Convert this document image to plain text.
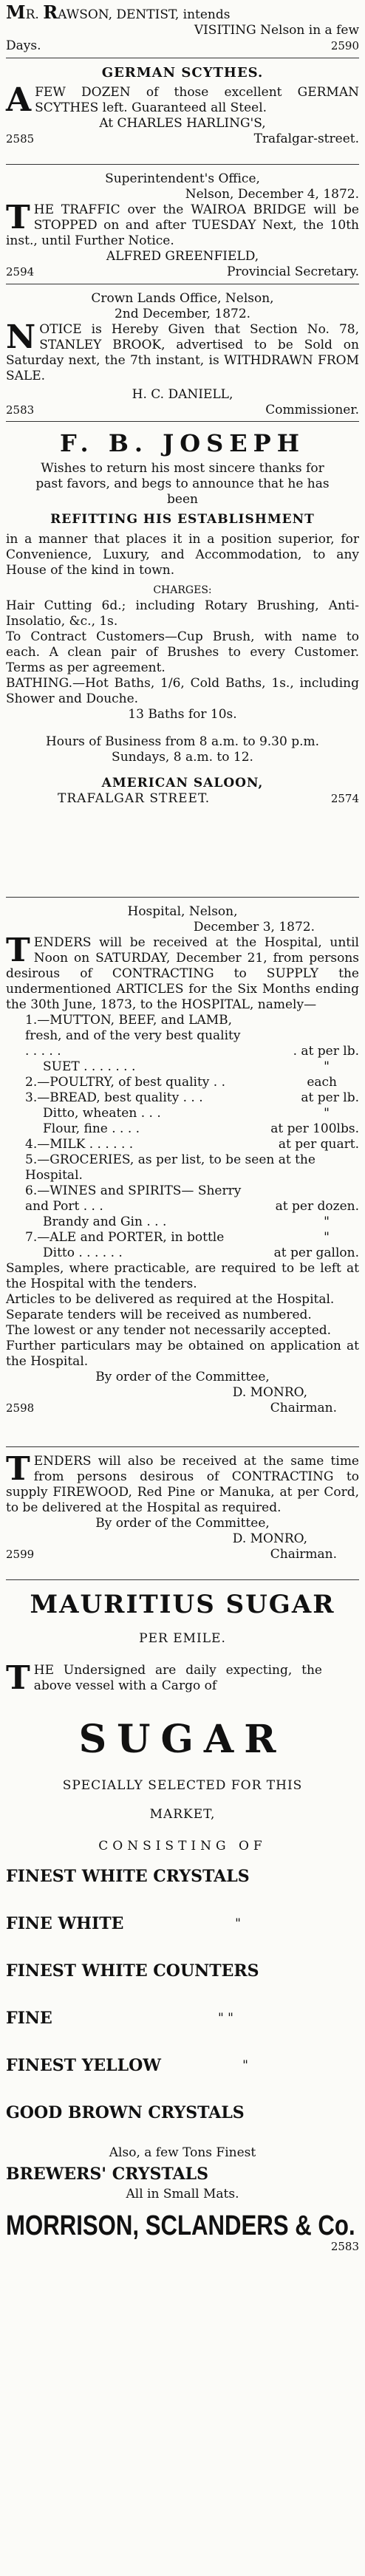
MR. RAWSON, DENTIST, intends

VISITING Nelson in a few

Days.	2590

GERMAN SCYTHES.

A FEW DOZEN of those excellent GERMAN SCYTHES left. Guaranteed all Steel.

At CHARLES HARLING'S,

2585	Trafalgar-street.

Superintendent's Office,

Nelson, December 4, 1872.

THE TRAFFIC over the WAIROA BRIDGE will be STOPPED on and after TUESDAY Next, the 10th inst., until Further Notice.

ALFRED GREENFIELD,

2594	Provincial Secretary.

Crown Lands Office, Nelson,

2nd December, 1872.

NOTICE is Hereby Given that Section No. 78, STANLEY BROOK, advertised to be Sold on Saturday next, the 7th instant, is WITHDRAWN FROM SALE.

H. C. DANIELL,

2583	Commissioner.

F. B. JOSEPH

Wishes to return his most sincere thanks for past favors, and begs to announce that he has been

REFITTING HIS ESTABLISHMENT

in a manner that places it in a position superior, for Convenience, Luxury, and Accommodation, to any House of the kind in town.

CHARGES:

Hair Cutting 6d.; including Rotary Brushing, Anti-Insolatio, &c., 1s.

To Contract Customers—Cup Brush, with name to each. A clean pair of Brushes to every Customer. Terms as per agreement.

BATHING.—Hot Baths, 1/6, Cold Baths, 1s., including Shower and Douche.

13 Baths for 10s.

Hours of Business from 8 a.m. to 9.30 p.m.

Sundays, 8 a.m. to 12.

AMERICAN SALOON,

TRAFALGAR STREET.	2574

Hospital, Nelson,

December 3, 1872.

TENDERS will be received at the Hospital, until Noon on SATURDAY, December 21, from persons desirous of CONTRACTING to SUPPLY the undermentioned ARTICLES for the Six Months ending the 30th June, 1873, to the HOSPITAL, namely—

1.—MUTTON, BEEF, and LAMB, fresh, and of the very best quality . . . . .	. at per lb.
SUET . . . . . . .	"
2.—POULTRY, of best quality . .	each
3.—BREAD, best quality . . .	at per lb.
Ditto, wheaten . . .	"
Flour, fine . . . .	at per 100lbs.
4.—MILK . . . . . .	at per quart.
5.—GROCERIES, as per list, to be seen at the Hospital.
6.—WINES and SPIRITS— Sherry and Port . . .	at per dozen.
Brandy and Gin . . .	"
7.—ALE and PORTER, in bottle	"
Ditto . . . . . .	at per gallon.

Samples, where practicable, are required to be left at the Hospital with the tenders.

Articles to be delivered as required at the Hospital.

Separate tenders will be received as numbered.

The lowest or any tender not necessarily accepted.

Further particulars may be obtained on application at the Hospital.

By order of the Committee,

D. MONRO,

2598	Chairman.

TENDERS will also be received at the same time from persons desirous of CONTRACTING to supply FIREWOOD, Red Pine or Manuka, at per Cord, to be delivered at the Hospital as required.

By order of the Committee,

D. MONRO,

2599	Chairman.

MAURITIUS SUGAR

PER EMILE.

THE Undersigned are daily expecting, the above vessel with a Cargo of

SUGAR

SPECIALLY SELECTED FOR THIS

MARKET,

CONSISTING OF

FINEST WHITE CRYSTALS
FINE WHITE	"
FINEST WHITE COUNTERS
FINE	" "
FINEST YELLOW	"
GOOD BROWN CRYSTALS

Also, a few Tons Finest

BREWERS' CRYSTALS

All in Small Mats.

MORRISON, SCLANDERS & Co.

2583
